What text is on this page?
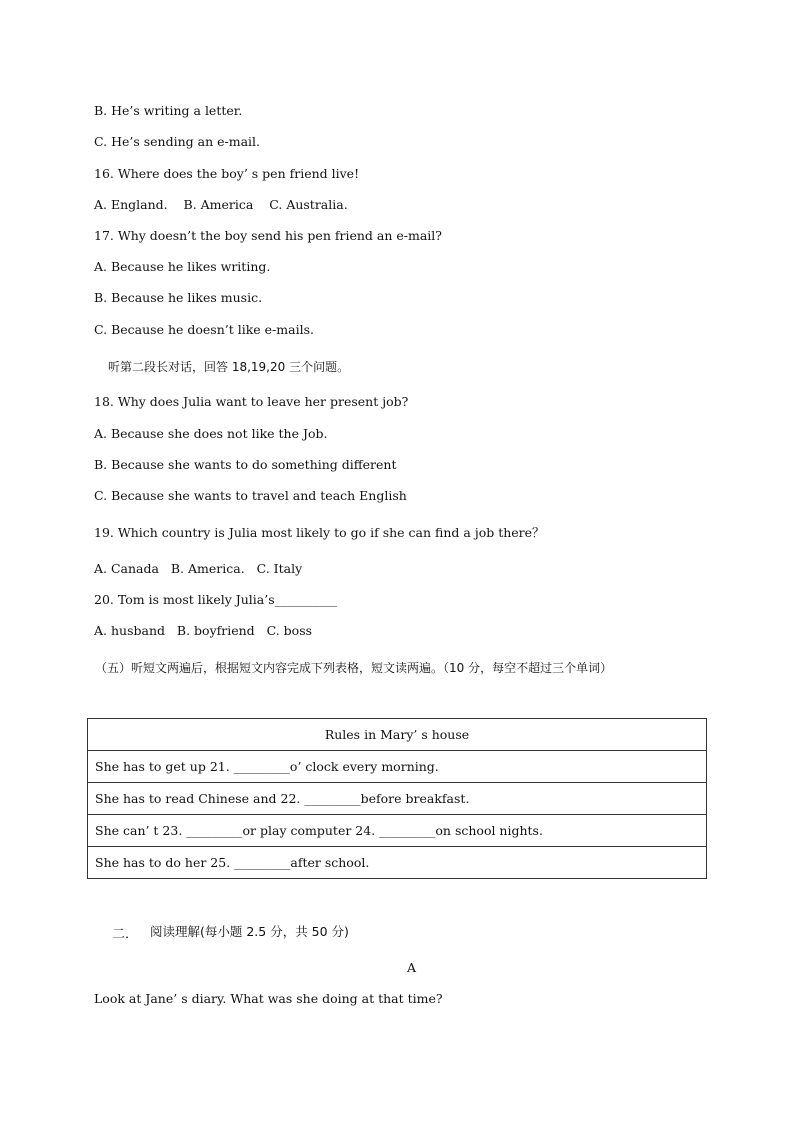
B. He’s writing a letter.
C. He’s sending an e-mail.
16. Where does the boy’ s pen friend live!
A. England.    B. America    C. Australia.
17. Why doesn’t the boy send his pen friend an e-mail?
A. Because he likes writing.
B. Because he likes music.
C. Because he doesn’t like e-mails.
听第二段长对话，回答 18,19,20 三个问题。
18. Why does Julia want to leave her present job?
A. Because she does not like the Job.
B. Because she wants to do something different
C. Because she wants to travel and teach English
19. Which country is Julia most likely to go if she can find a job there？
A. Canada   B. America.   C. Italy
20. Tom is most likely Julia’s__________
A. husband   B. boyfriend   C. boss
（五）听短文两遍后，根据短文内容完成下列表格，短文读两遍。（10 分，每空不超过三个单词）
Rules in Mary’ s house
She has to get up 21. _________o’ clock every morning.
She has to read Chinese and 22. _________before breakfast.
She can’ t 23. _________or play computer 24. _________on school nights.
She has to do her 25. _________after school.
二． 阅读理解(每小题 2.5 分，共 50 分)
A
Look at Jane’ s diary. What was she doing at that time?
